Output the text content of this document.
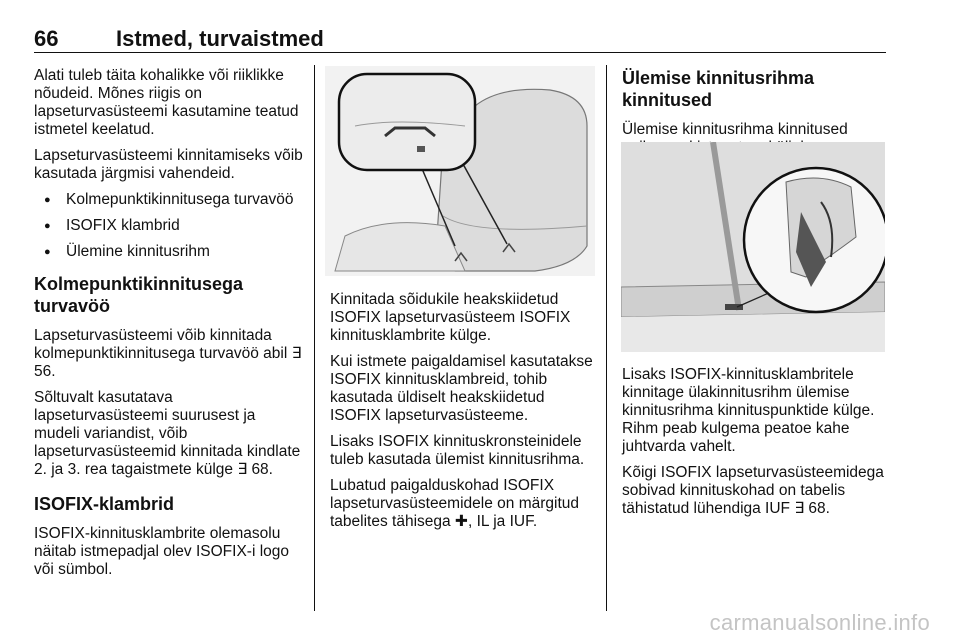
66	Istmed, turvaistmed

Alati tuleb täita kohalikke või riiklikke nõudeid. Mõnes riigis on lapseturvasüsteemi kasutamine teatud istmetel keelatud.

Lapseturvasüsteemi kinnitamiseks võib kasutada järgmisi vahendeid.

● Kolmepunktikinnitusega turvavöö
● ISOFIX klambrid
● Ülemine kinnitusrihm
Kolmepunktikinnitusega turvavöö

Lapseturvasüsteemi võib kinnitada kolmepunktikinnitusega turvavöö abil ∃ 56.

Sõltuvalt kasutatava lapseturvasüsteemi suurusest ja mudeli variandist, võib lapseturvasüsteemid kinnitada kindlate 2. ja 3. rea tagaistmete külge ∃ 68.

ISOFIX-klambrid

ISOFIX-kinnitusklambrite olemasolu näitab istmepadjal olev ISOFIX-i logo või sümbol.

Kinnitada sõidukile heakskiidetud ISOFIX lapseturvasüsteem ISOFIX kinnitusklambrite külge.

Kui istmete paigaldamisel kasutatakse ISOFIX kinnitusklambreid, tohib kasutada üldiselt heakskiidetud ISOFIX lapseturvasüsteeme.

Lisaks ISOFIX kinnituskronsteinidele tuleb kasutada ülemist kinnitusrihma.

Lubatud paigalduskohad ISOFIX lapseturvasüsteemidele on märgitud tabelites tähisega ✚, IL ja IUF.

Ülemise kinnitusrihma kinnitused

Ülemise kinnitusrihma kinnitused

Lisaks ISOFIX-kinnitusklambritele kinnitage ülakinnitusrihm ülemise kinnitusrihma kinnituspunktide külge. Rihm peab kulgema peatoe kahe juhtvarda vahelt.

Kõigi ISOFIX lapseturvasüsteemidega sobivad kinnituskohad on tabelis tähistatud lühendiga IUF ∃ 68.

carmanualsonline.info
